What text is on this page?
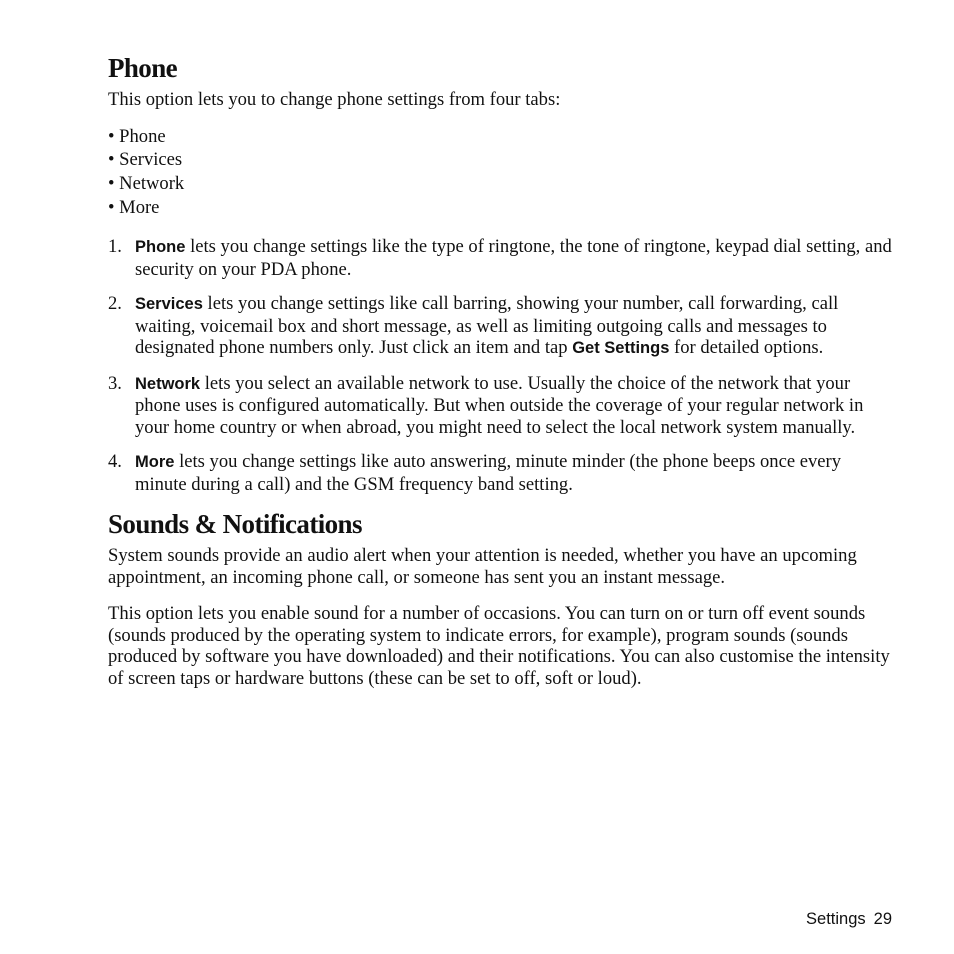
Phone

This option lets you to change phone settings from four tabs:

• Phone
• Services
• Network
• More
1. Phone lets you change settings like the type of ringtone, the tone of ringtone, keypad dial setting, and security on your PDA phone.
2. Services lets you change settings like call barring, showing your number, call forwarding, call waiting, voicemail box and short message, as well as limiting outgoing calls and messages to designated phone numbers only. Just click an item and tap Get Settings for detailed options.
3. Network lets you select an available network to use. Usually the choice of the network that your phone uses is configured automatically. But when outside the coverage of your regular network in your home country or when abroad, you might need to select the local network system manually.
4. More lets you change settings like auto answering, minute minder (the phone beeps once every minute during a call) and the GSM frequency band setting.
Sounds & Notifications

System sounds provide an audio alert when your attention is needed, whether you have an upcoming appointment, an incoming phone call, or someone has sent you an instant message.

This option lets you enable sound for a number of occasions. You can turn on or turn off event sounds (sounds produced by the operating system to indicate errors, for example), program sounds (sounds produced by software you have downloaded) and their notifications. You can also customise the intensity of screen taps or hardware buttons (these can be set to off, soft or loud).

Settings 29
